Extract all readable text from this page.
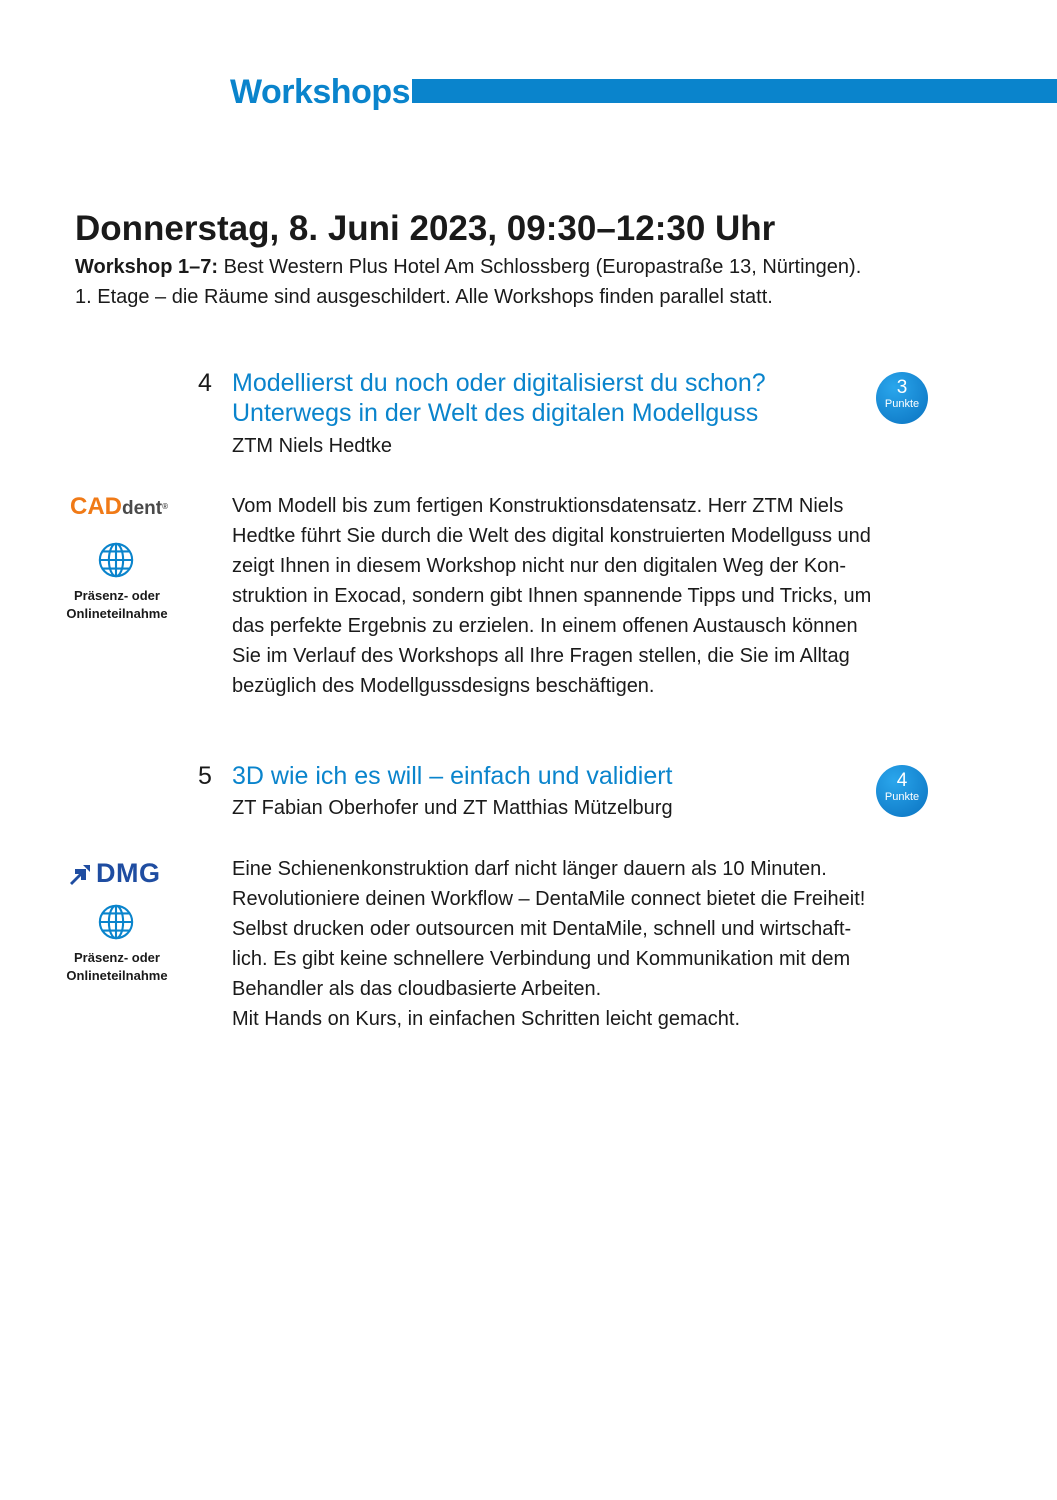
Workshops
Donnerstag, 8. Juni 2023, 09:30–12:30 Uhr
Workshop 1–7: Best Western Plus Hotel Am Schlossberg (Europastraße 13, Nürtingen).
1. Etage – die Räume sind ausgeschildert. Alle Workshops finden parallel statt.
4 Modellierst du noch oder digitalisierst du schon?
Unterwegs in der Welt des digitalen Modellguss
ZTM Niels Hedtke
3
Punkte
CADdent®
Präsenz- oder
Onlineteilnahme
Vom Modell bis zum fertigen Konstruktionsdatensatz. Herr ZTM Niels
Hedtke führt Sie durch die Welt des digital konstruierten Modellguss und
zeigt Ihnen in diesem Workshop nicht nur den digitalen Weg der Kon-
struktion in Exocad, sondern gibt Ihnen spannende Tipps und Tricks, um
das perfekte Ergebnis zu erzielen. In einem offenen Austausch können
Sie im Verlauf des Workshops all Ihre Fragen stellen, die Sie im Alltag
bezüglich des Modellgussdesigns beschäftigen.
5 3D wie ich es will – einfach und validiert
ZT Fabian Oberhofer und ZT Matthias Mützelburg
4
Punkte
DMG
Präsenz- oder
Onlineteilnahme
Eine Schienenkonstruktion darf nicht länger dauern als 10 Minuten.
Revolutioniere deinen Workflow – DentaMile connect bietet die Freiheit!
Selbst drucken oder outsourcen mit DentaMile, schnell und wirtschaft-
lich. Es gibt keine schnellere Verbindung und Kommunikation mit dem
Behandler als das cloudbasierte Arbeiten.
Mit Hands on Kurs, in einfachen Schritten leicht gemacht.
